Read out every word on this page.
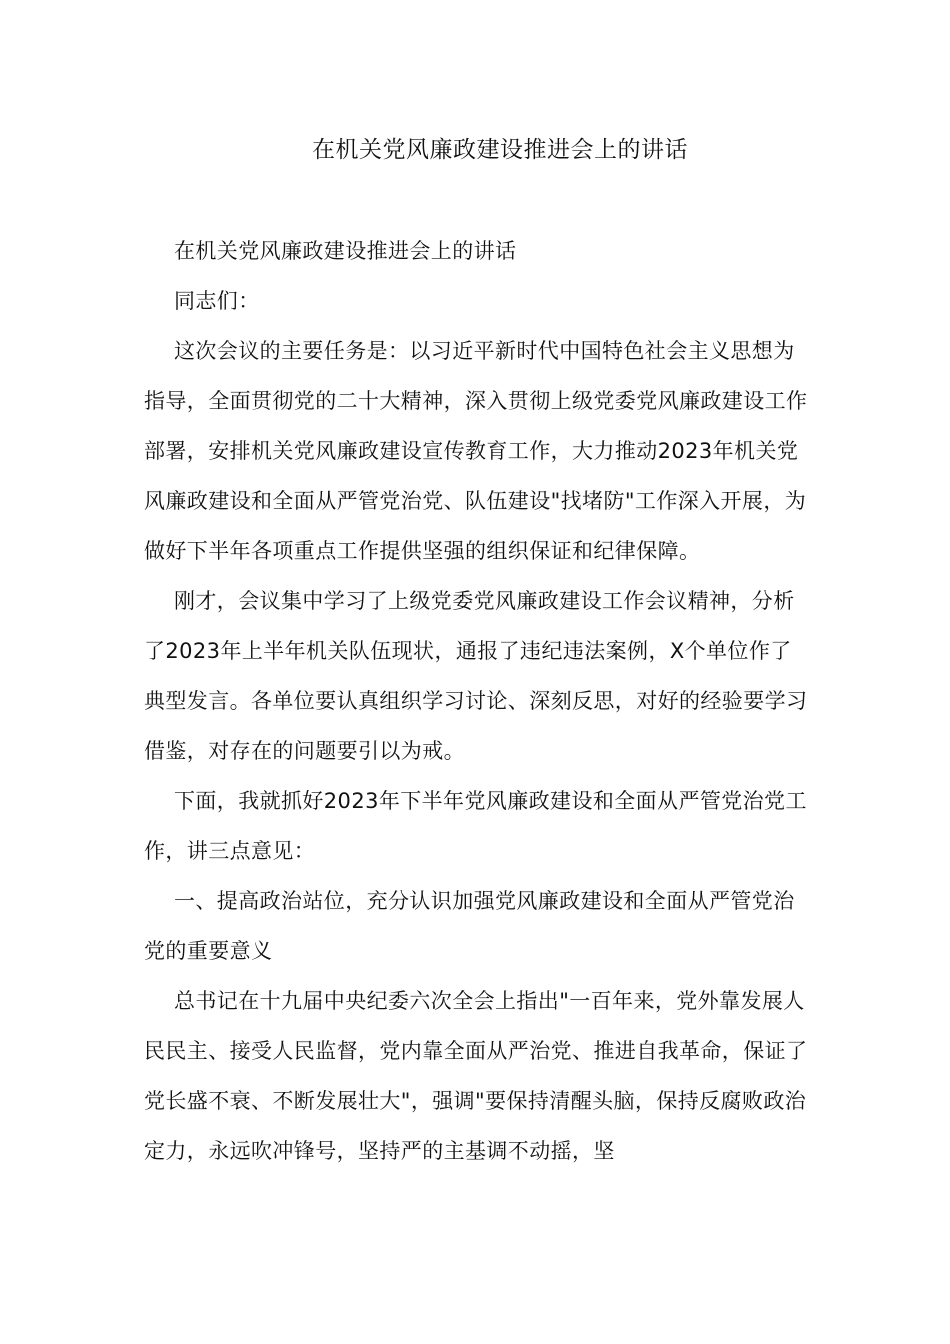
在机关党风廉政建设推进会上的讲话

在机关党风廉政建设推进会上的讲话

同志们：

这次会议的主要任务是：以习近平新时代中国特色社会主义思想为指导，全面贯彻党的二十大精神，深入贯彻上级党委党风廉政建设工作部署，安排机关党风廉政建设宣传教育工作，大力推动2023年机关党风廉政建设和全面从严管党治党、队伍建设"找堵防"工作深入开展，为做好下半年各项重点工作提供坚强的组织保证和纪律保障。

刚才，会议集中学习了上级党委党风廉政建设工作会议精神，分析了2023年上半年机关队伍现状，通报了违纪违法案例，X个单位作了典型发言。各单位要认真组织学习讨论、深刻反思，对好的经验要学习借鉴，对存在的问题要引以为戒。

下面，我就抓好2023年下半年党风廉政建设和全面从严管党治党工作，讲三点意见：

一、提高政治站位，充分认识加强党风廉政建设和全面从严管党治党的重要意义

总书记在十九届中央纪委六次全会上指出"一百年来，党外靠发展人民民主、接受人民监督，党内靠全面从严治党、推进自我革命，保证了党长盛不衰、不断发展壮大"，强调"要保持清醒头脑，保持反腐败政治定力，永远吹冲锋号，坚持严的主基调不动摇，坚
